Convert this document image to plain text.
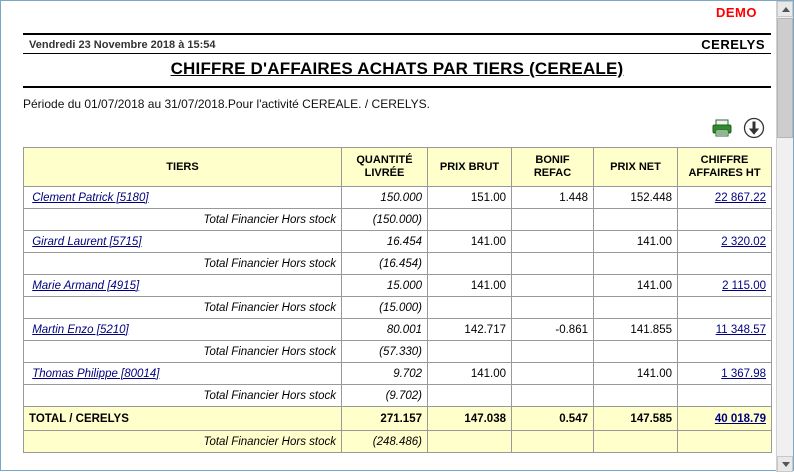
DEMO
Vendredi 23 Novembre 2018 à 15:54	CERELYS
CHIFFRE D'AFFAIRES ACHATS PAR TIERS (CEREALE)
Période du 01/07/2018 au 31/07/2018.Pour l'activité CEREALE. / CERELYS.
TIERS	QUANTITÉ LIVRÉE	PRIX BRUT	BONIF REFAC	PRIX NET	CHIFFRE AFFAIRES HT
Clement Patrick [5180]	150.000	151.00	1.448	152.448	22 867.22

Total Financier Hors stock	(150.000)				
Girard Laurent [5715]	16.454	141.00		141.00	2 320.02

Total Financier Hors stock	(16.454)				
Marie Armand [4915]	15.000	141.00		141.00	2 115.00

Total Financier Hors stock	(15.000)				
Martin Enzo [5210]	80.001	142.717	-0.861	141.855	11 348.57

Total Financier Hors stock	(57.330)				
Thomas Philippe [80014]	9.702	141.00		141.00	1 367.98

Total Financier Hors stock	(9.702)				
TOTAL / CERELYS	271.157	147.038	0.547	147.585	40 018.79

Total Financier Hors stock	(248.486)				
